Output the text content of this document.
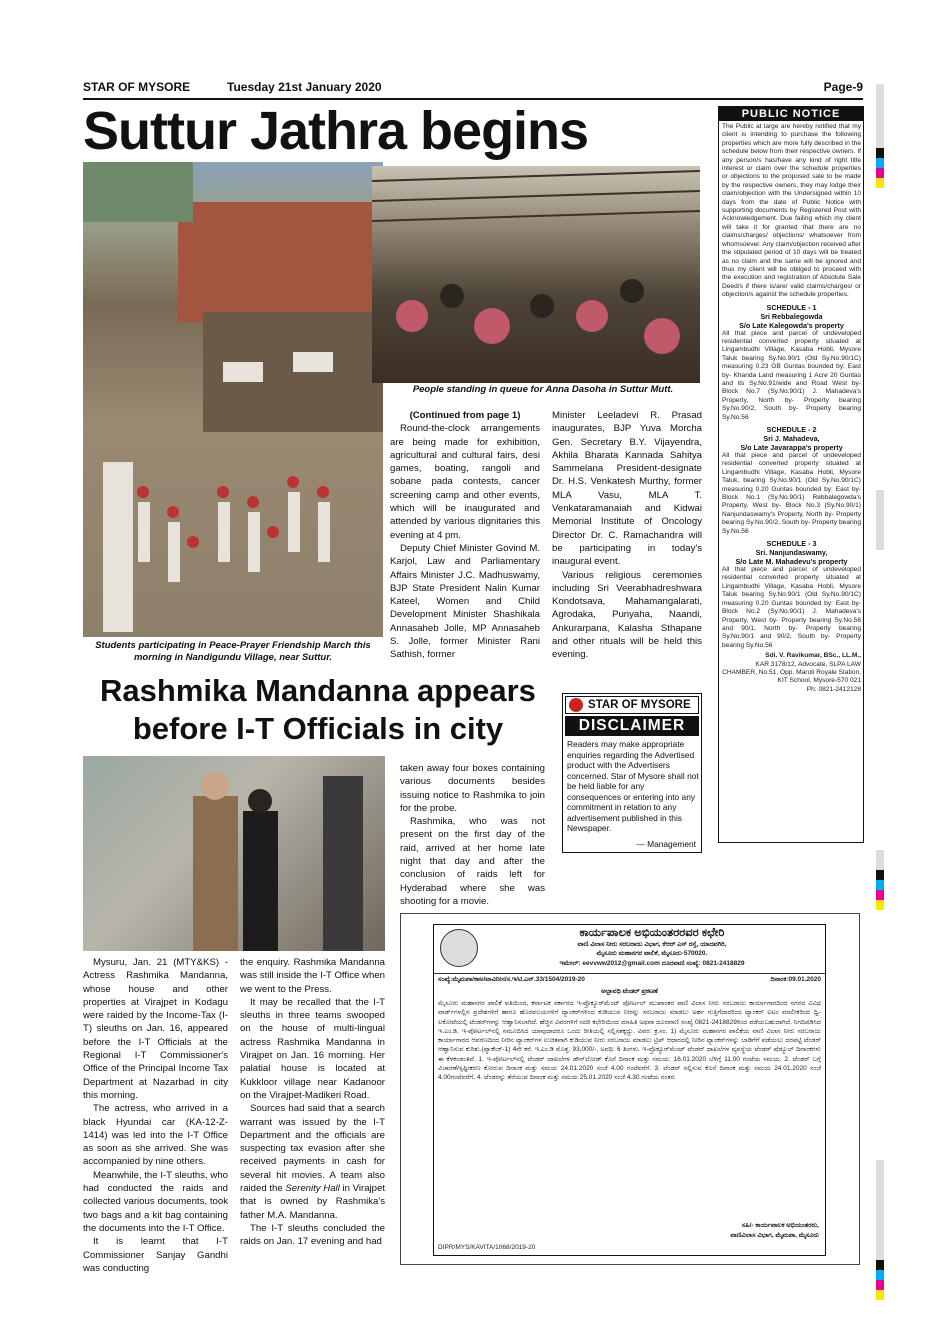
STAR OF MYSORE	Tuesday 21st January 2020	Page-9
Suttur Jathra begins
Students participating in Peace-Prayer Friendship March this morning in Nandigundu Village, near Suttur.
People standing in queue for Anna Dasoha in Suttur Mutt.

(Continued from page 1)

Round-the-clock arrangements are being made for exhibition, agricultural and cultural fairs, desi games, boating, rangoli and sobane pada contests, cancer screening camp and other events, which will be inaugurated and attended by various dignitaries this evening at 4 pm.

Deputy Chief Minister Govind M. Karjol, Law and Parliamentary Affairs Minister J.C. Madhuswamy, BJP State President Nalin Kumar Kateel, Women and Child Development Minister Shashikala Annasaheb Jolle, MP Annasaheb S. Jolle, former Minister Rani Sathish, former

Minister Leeladevi R. Prasad inaugurates, BJP Yuva Morcha Gen. Secretary B.Y. Vijayendra, Akhila Bharata Kannada Sahitya Sammelana President-designate Dr. H.S. Venkatesh Murthy, former MLA Vasu, MLA T. Venkataramanaiah and Kidwai Memorial Institute of Oncology Director Dr. C. Ramachandra will be participating in today's inaugural event.

Various religious ceremonies including Sri Veerabhadreshwara Kondotsava, Mahamangalarati, Agrodaka, Punyaha, Naandi, Ankurarpana, Kalasha Sthapane and other rituals will be held this evening.

Rashmika Mandanna appears
before I-T Officials in city

taken away four boxes containing various documents besides issuing notice to Rashmika to join for the probe.

Rashmika, who was not present on the first day of the raid, arrived at her home late night that day and after the conclusion of raids left for Hyderabad where she was shooting for a movie.

Mysuru, Jan. 21 (MTY&KS) - Actress Rashmika Mandanna, whose house and other properties at Virajpet in Kodagu were raided by the Income-Tax (I-T) sleuths on Jan. 16, appeared before the I-T Officials at the Regional I-T Commissioner's Office of the Principal Income Tax Department at Nazarbad in city this morning.

The actress, who arrived in a black Hyundai car (KA-12-Z-1414) was led into the I-T Office as soon as she arrived. She was accompanied by nine others.

Meanwhile, the I-T sleuths, who had conducted the raids and collected various documents, took two bags and a kit bag containing the documents into the I-T Office.

It is learnt that I-T Commissioner Sanjay Gandhi was conducting

the enquiry. Rashmika Mandanna was still inside the I-T Office when we went to the Press.

It may be recalled that the I-T sleuths in three teams swooped on the house of multi-lingual actress Rashmika Mandanna in Virajpet on Jan. 16 morning. Her palatial house is located at Kukkloor village near Kadanoor on the Virajpet-Madikeri Road.

Sources had said that a search warrant was issued by the I-T Department and the officials are suspecting tax evasion after she received payments in cash for several hit movies. A team also raided the Serenity Hall in Virajpet that is owned by Rashmika's father M.A. Mandanna.

The I-T sleuths concluded the raids on Jan. 17 evening and had

PUBLIC NOTICE
The Public at large are hereby notified that my client is intending to purchase the following properties which are more fully described in the schedule below from their respective owners. If any person/s has/have any kind of right title interest or claim over the schedule properties or objections to the proposed sale to be made by the respective owners, they may lodge their claim/objection with the Undersigned within 10 days from the date of Public Notice with supporting documents by Registered Post with Acknowledgement. Due failing which my client will take it for granted that there are no claims/charges/ objections/ whatsoever from whomsoever. Any claim/objection received after the stipulated period of 10 days will be treated as no claim and the same will be ignored and thus my client will be obliged to proceed with the execution and registration of Absolute Sale Deed/s if there is/are/ valid claims/charges/ or objection/s against the schedule properties.
SCHEDULE - 1
Sri Rebbalegowda
S/o Late Kalegowda's property
All that piece and parcel of undeveloped residential converted property situated at Lingambudhi Village, Kasaba Hobli, Mysore Taluk bearing Sy.No.90/1 (Old Sy.No.90/1C) measuring 0.23 GB Guntas bounded by: East by- Khanda Land measuring 1 Acre 20 Guntas and its Sy.No.91/wide and Road West by- Block No.7 (Sy.No.90/1) J. Mahadeva's Property, North by- Property bearing Sy.No.90/2, South by- Property bearing Sy.No.56
SCHEDULE - 2
Sri J. Mahadeva,
S/o Late Javarappa's property
All that piece and parcel of undeveloped residential converted property situated at Lingambudhi Village, Kasaba Hobli, Mysore Taluk, bearing Sy.No.90/1 (Old Sy.No.90/1C) measuring 0.20 Guntas bounded by: East by- Block No.1 (Sy.No.90/1) Rebbalegowda's Property, West by- Block No.3 (Sy.No.90/1) Nanjundaswamy's Property, North by- Property bearing Sy.No.90/2, South by- Property bearing Sy.No.56
SCHEDULE - 3
Sri. Nanjundaswamy,
S/o Late M. Mahadevu's property
All that piece and parcel of undeveloped residential converted property situated at Lingambudhi Village, Kasaba Hobli, Mysore Taluk bearing Sy.No.90/1 (Old Sy.No.90/1C) measuring 0.20 Guntas bounded by: East by- Block No.2 (Sy.No.90/1) J. Mahadeva's Property, West by- Property bearing Sy.No.56 and 90/1, North by- Property bearing Sy.No.90/1 and 90/2, South by- Property bearing Sy.No.56
Sdi. V. Ravikumar, BSc., LL.M.,
KAR 3178/12, Advocate, SLPA LAW CHAMBER, No.51, Opp. Maruti Royale Station, KIT School, Mysore-570 021
Ph: 0821-2412128
STAR OF MYSORE
DISCLAIMER
Readers may make appropriate enquiries regarding the Advertised product with the Advertisers concerned. Star of Mysore shall not be held liable for any consequences or entering into any commitment in relation to any advertisement published in this Newspaper.
— Management
ಕಾರ್ಯಪಾಲಕ ಅಭಿಯಂತರರವರ ಕಛೇರಿ
ವಾಣಿ ವಿಲಾಸ ನೀರು ಸರಬರಾಜು ವಿಭಾಗ, ಕೆಆರ್ ಎಸ್ ರಸ್ತೆ, ಯಾದವಗಿರಿ,
ಮೈಸೂರು ಮಹಾನಗರ ಪಾಲಿಕೆ, ಮೈಸೂರು-570020.
ಇಮೇಲ್: eevvww2012@gmail.com ದೂರವಾಣಿ ಸಂಖ್ಯೆ: 0821-2418829
ಸಂಖ್ಯೆ:ಮೈಮಪಾ/ಕಾಅ/ವಾವಿನೀಸ/ಸ.ಇ/ಟಿ.ಎನ್.33/1504/2019-20	ದಿನಾಂಕ:09.01.2020
ಅಲ್ಪಾವಧಿ ಟೆಂಡರ್ ಪ್ರಕಟಣೆ
ಮೈಸೂರು ಮಹಾನಗರ ಪಾಲಿಕೆ ವತಿಯಿಂದ, ಕರ್ನಾಟಕ ಸರ್ಕಾರದ ಇ-ಪ್ರೊಕ್ಯೂರ್‌ಮೆಂಟ್ ಪೋರ್ಟಲ್ ಮುಖಾಂತರ ವಾಣಿ ವಿಲಾಸ ನೀರು ಸರಬರಾಜು ಕಾರ್ಯಾಗಾರದಿಂದ ನಗರದ ವಿವಿಧ ವಾರ್ಡ್‌ಗಳಲ್ಲಿನ ಪ್ರದೇಶಗಳಿಗೆ ಹಾಗೂ ಹೊರವಲಯಗಳಿಗೆ ಟ್ಯಾಂಕರ್‌ಗಳಿಂದ ಕುಡಿಯುವ ನೀರನ್ನು ಸರಬರಾಜು ಮಾಡಲು ಅರ್ಹ ಗುತ್ತಿಗೆದಾರರಿಂದ ಟ್ಯಾಂಕರ್ ಐಟಂ ಮಾಲೀಕರಿಂದ ಧ್ವಿ-ಲಕೋಟೆಯಲ್ಲಿ ಟೆಂಡರ್‌ಗಳನ್ನು ಆಹ್ವಾನಿಸಲಾಗಿದೆ. ಹೆಚ್ಚಿನ ವಿವರಗಳಿಗೆ ಸದರಿ ಕಛೇರಿಯಿಂದ ಮಾಹಿತಿ ಅಥವಾ ದೂರವಾಣಿ ಸಂಖ್ಯೆ 0821-2418829ರಿಂದ ಪಡೆಯಬಹುದಾಗಿದೆ. ನಿಗದಿಪಡಿಸಿದ ಇ.ಎಂ.ಡಿ. ಇ-ಪೋರ್ಟಲ್‌ನಲ್ಲಿ ನಮೂದಿಸಿದ ಯಾವುದಾದರೂ ಒಂದು ರೀತಿಯಲ್ಲಿ ಸಲ್ಲಿಸತಕ್ಕದ್ದು. ವಿವರ: ಕ್ರ.ಸಂ. 1) ಮೈಸೂರು ಮಹಾನಗರ ಪಾಲಿಕೆಯ ವಾಣಿ ವಿಲಾಸ ನೀರು ಸರಬರಾಜು ಕಾರ್ಯಾಗಾರದ ಆವರಣದಿಂದ ನೀರಿನ ಟ್ಯಾಂಕರ್‌ಗಳ ಉಚಿತವಾಗಿ ಕುಡಿಯುವ ನೀರು ಸರಬರಾಜು ಮಾಡಲು ಟ್ರಿಪ್ ಆಧಾರದಲ್ಲಿ ನೀರಿನ ಟ್ಯಾಂಕರ್‌ಗಳನ್ನು ಬಾಡಿಗೆಗೆ ಪಡೆಯಲು ದರಪಟ್ಟಿ ಟೆಂಡರ್ ಆಹ್ವಾನಿಸುವ ಕುರಿತು.(ಪ್ಯಾಕೇಜ್-1) 4ನೇ ಕರೆ. ಇ.ಎಂ.ಡಿ ಮೊತ್ತ: 93,000/-, ಅವಧಿ: 6 ತಿಂಗಳು. ಇ-ಪ್ರೊಕ್ಯೂರ್‌ಮೆಂಟ್ ಟೆಂಡರ್ ದಾಖಲೆಗಳ ವ್ಯವಸ್ಥೆಯ ಟೆಂಡರ್ ಷೆಡ್ಯೂಲ್ ದಿನಾಂಕಗಳು ಈ ಕೆಳಕಂಡಂತಿವೆ. 1. ಇ-ಪೋರ್ಟಲ್‌ನಲ್ಲಿ ಟೆಂಡರ್ ದಾಖಲೆಗಳ ಡೌನ್‌ಲೋಡ್ ಕೊನೆ ದಿನಾಂಕ ಮತ್ತು ಸಮಯ: 16.01.2020 ಬೆಳಿಗ್ಗೆ 11.00 ಗಂಟೆಯ ಸಮಯ. 2. ಟೆಂಡರ್ ಬಗ್ಗೆ ವಿಚಾರಣೆ/ಸ್ಪಷ್ಟೀಕರಣ ಕೋರುವ ದಿನಾಂಕ ಮತ್ತು ಸಮಯ 24.01.2020 ಸಂಜೆ 4.00 ಗಂಟೆವರೆಗೆ. 3. ಟೆಂಡರ್ ಸಲ್ಲಿಸುವ ಕೊನೆ ದಿನಾಂಕ ಮತ್ತು ಸಮಯ 24.01.2020 ಸಂಜೆ 4.00ಗಂಟೆವರೆಗೆ. 4. ಟೆಂಡರನ್ನು ತೆರೆಯುವ ದಿನಾಂಕ ಮತ್ತು ಸಮಯ 25.01.2020 ಸಂಜೆ 4.30 ಗಂಟೆಯ ನಂತರ.
ಸಹಿ/- ಕಾರ್ಯಪಾಲಕ ಅಭಿಯಂತರರು,
ವಾಣಿವಿಲಾಸ ವಿಭಾಗ, ಮೈಮಪಾ, ಮೈಸೂರು
DIPR/MYS/KAVITA/1068/2019-20
